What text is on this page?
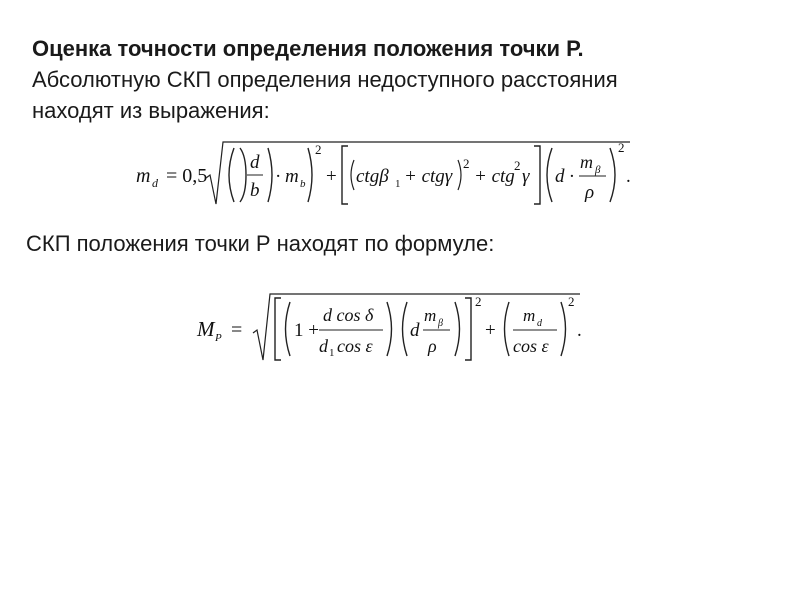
Оценка точности определения положения точки Р.
Абсолютную СКП определения недоступного расстояния
находят из выражения:
m d = 0,5
d
b
· m b
2
+ ctgβ 1 + ctgγ
2
+ ctg
2
γ d ·
m β
ρ
2
.
СКП положения точки Р находят по формуле:
M P =	1 +
d cos δ
d 1 cos ε
d
m β
ρ
2
+
m d
cos ε
2
.
